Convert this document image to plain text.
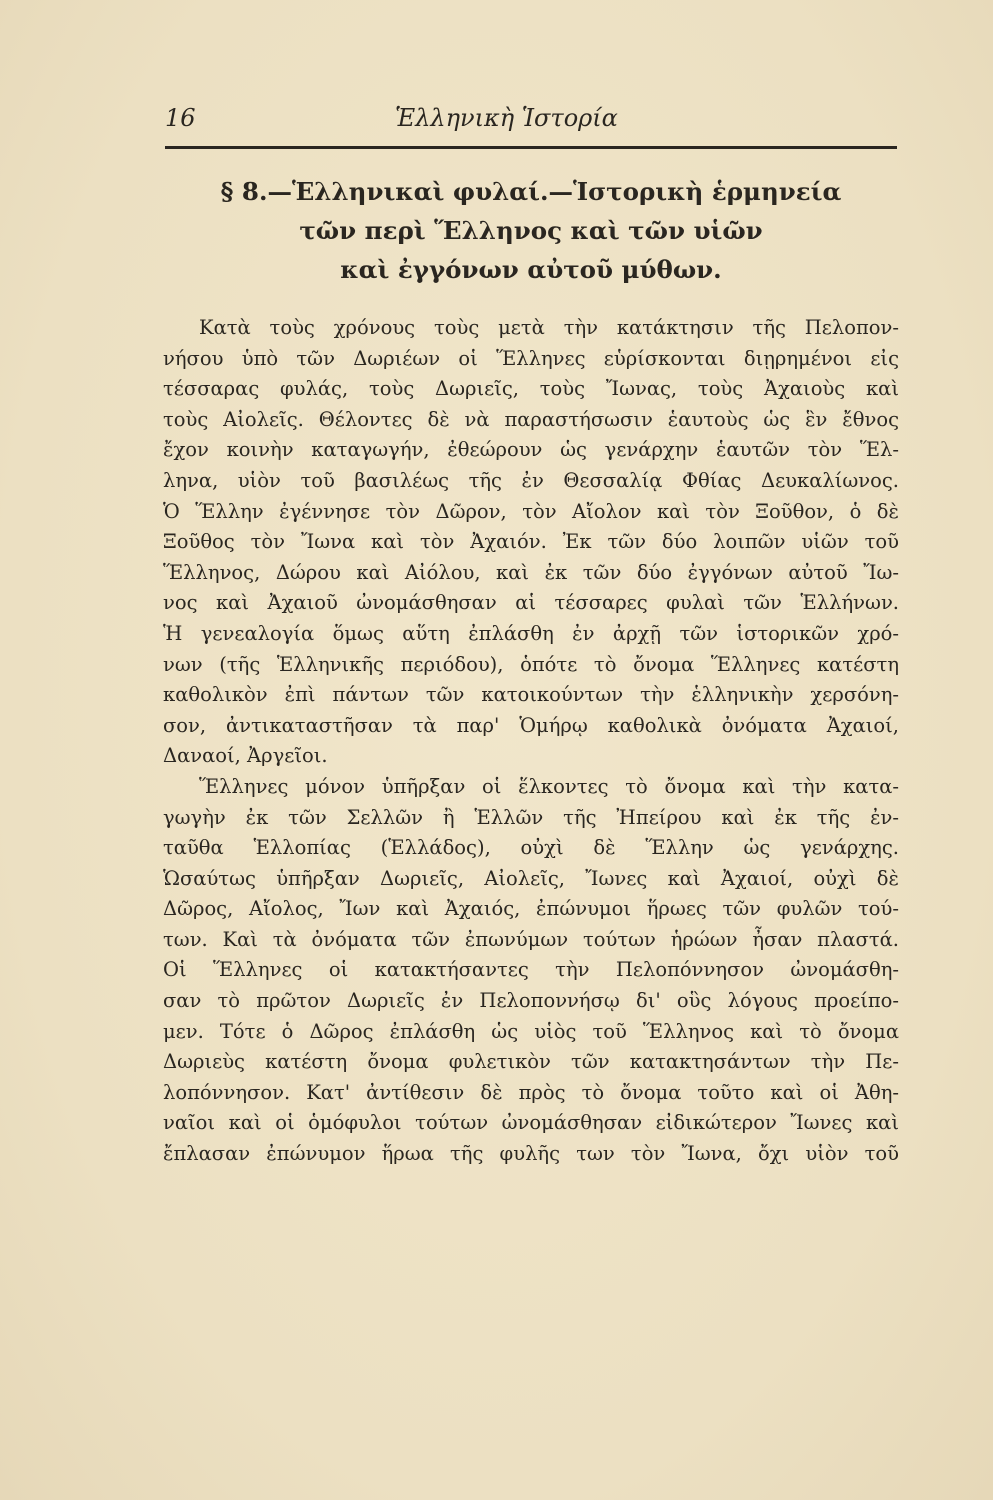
16	Ἑλληνικὴ Ἱστορία
§ 8.—Ἑλληνικαὶ φυλαί.—Ἱστορικὴ ἑρμηνεία
τῶν περὶ Ἕλληνος καὶ τῶν υἱῶν
καὶ ἐγγόνων αὐτοῦ μύθων.
Κατὰ τοὺς χρόνους τοὺς μετὰ τὴν κατάκτησιν τῆς Πελοπον-
νήσου ὑπὸ τῶν Δωριέων οἱ Ἕλληνες εὑρίσκονται διῃρημένοι εἰς
τέσσαρας φυλάς, τοὺς Δωριεῖς, τοὺς Ἴωνας, τοὺς Ἀχαιοὺς καὶ
τοὺς Αἰολεῖς. Θέλοντες δὲ νὰ παραστήσωσιν ἑαυτοὺς ὡς ἓν ἔθνος
ἔχον κοινὴν καταγωγήν, ἐθεώρουν ὡς γενάρχην ἑαυτῶν τὸν Ἕλ-
ληνα, υἱὸν τοῦ βασιλέως τῆς ἐν Θεσσαλίᾳ Φθίας Δευκαλίωνος.
Ὁ Ἕλλην ἐγέννησε τὸν Δῶρον, τὸν Αἴολον καὶ τὸν Ξοῦθον, ὁ δὲ
Ξοῦθος τὸν Ἴωνα καὶ τὸν Ἀχαιόν. Ἐκ τῶν δύο λοιπῶν υἱῶν τοῦ
Ἕλληνος, Δώρου καὶ Αἰόλου, καὶ ἐκ τῶν δύο ἐγγόνων αὐτοῦ Ἴω-
νος καὶ Ἀχαιοῦ ὠνομάσθησαν αἱ τέσσαρες φυλαὶ τῶν Ἑλλήνων.
Ἡ γενεαλογία ὅμως αὕτη ἐπλάσθη ἐν ἀρχῇ τῶν ἱστορικῶν χρό-
νων (τῆς Ἑλληνικῆς περιόδου), ὁπότε τὸ ὄνομα Ἕλληνες κατέστη
καθολικὸν ἐπὶ πάντων τῶν κατοικούντων τὴν ἑλληνικὴν χερσόνη-
σον, ἀντικαταστῆσαν τὰ παρ' Ὁμήρῳ καθολικὰ ὀνόματα Ἀχαιοί,
Δαναοί, Ἀργεῖοι.
Ἕλληνες μόνον ὑπῆρξαν οἱ ἕλκοντες τὸ ὄνομα καὶ τὴν κατα-
γωγὴν ἐκ τῶν Σελλῶν ἢ Ἑλλῶν τῆς Ἠπείρου καὶ ἐκ τῆς ἐν-
ταῦθα Ἑλλοπίας (Ἑλλάδος), οὐχὶ δὲ Ἕλλην ὡς γενάρχης.
Ὡσαύτως ὑπῆρξαν Δωριεῖς, Αἰολεῖς, Ἴωνες καὶ Ἀχαιοί, οὐχὶ δὲ
Δῶρος, Αἴολος, Ἴων καὶ Ἀχαιός, ἐπώνυμοι ἥρωες τῶν φυλῶν τού-
των. Καὶ τὰ ὀνόματα τῶν ἐπωνύμων τούτων ἡρώων ἦσαν πλαστά.
Οἱ Ἕλληνες οἱ κατακτήσαντες τὴν Πελοπόννησον ὠνομάσθη-
σαν τὸ πρῶτον Δωριεῖς ἐν Πελοποννήσῳ δι' οὓς λόγους προείπο-
μεν. Τότε ὁ Δῶρος ἐπλάσθη ὡς υἱὸς τοῦ Ἕλληνος καὶ τὸ ὄνομα
Δωριεὺς κατέστη ὄνομα φυλετικὸν τῶν κατακτησάντων τὴν Πε-
λοπόννησον. Κατ' ἀντίθεσιν δὲ πρὸς τὸ ὄνομα τοῦτο καὶ οἱ Ἀθη-
ναῖοι καὶ οἱ ὁμόφυλοι τούτων ὠνομάσθησαν εἰδικώτερον Ἴωνες καὶ
ἔπλασαν ἐπώνυμον ἥρωα τῆς φυλῆς των τὸν Ἴωνα, ὄχι υἱὸν τοῦ
